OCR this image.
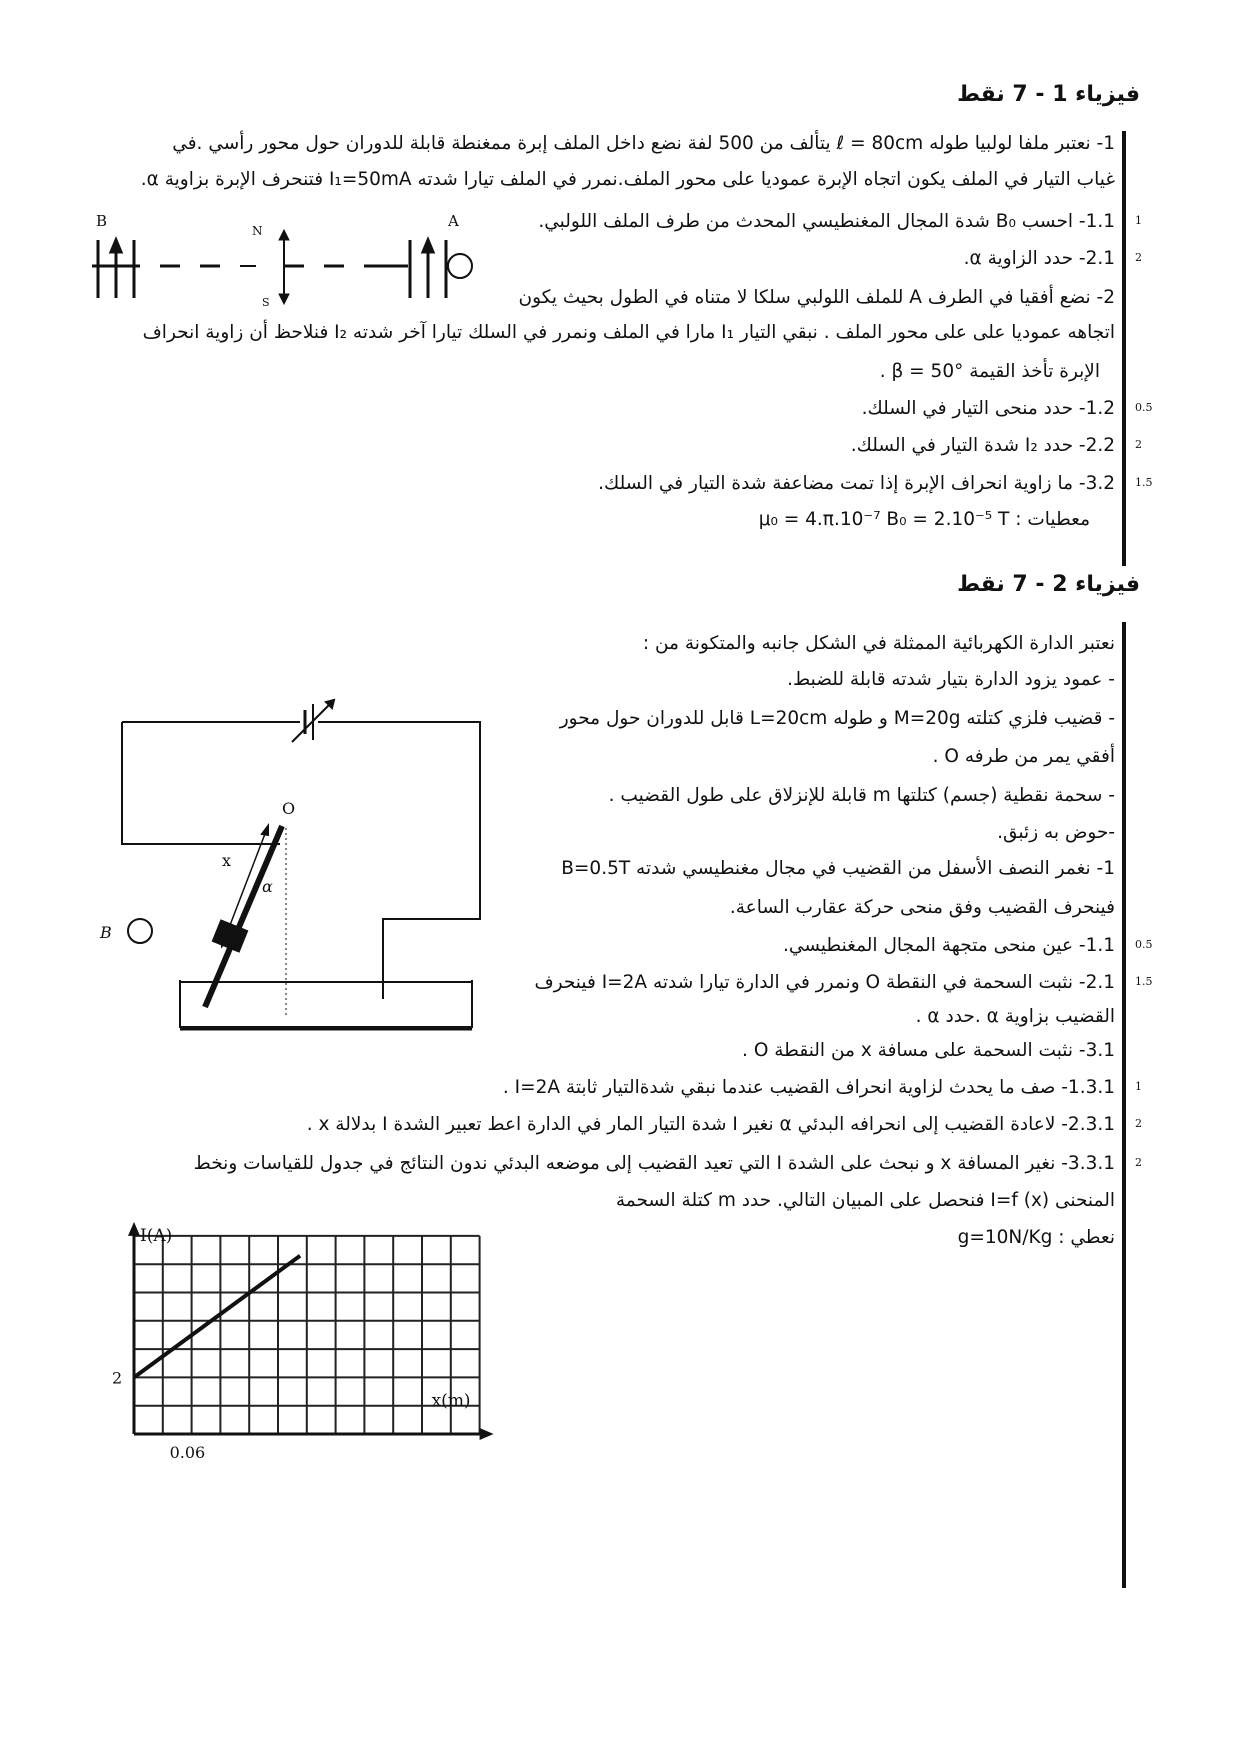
فيزياء 1 - 7 نقط
1- نعتبر ملفا لولبيا طوله ℓ = 80cm يتألف من 500 لفة نضع داخل الملف إبرة ممغنطة قابلة للدوران حول محور رأسي .في
غياب التيار في الملف يكون اتجاه الإبرة عموديا على محور الملف.نمرر في الملف تيارا شدته I₁=50mA فتنحرف الإبرة بزاوية α.
1.1- احسب B₀ شدة المجال المغنطيسي المحدث من طرف الملف اللولبي.
2.1- حدد الزاوية α.
2- نضع أفقيا في الطرف A للملف اللولبي سلكا لا متناه في الطول بحيث يكون
اتجاهه عموديا على على محور الملف . نبقي التيار I₁ مارا في الملف ونمرر في السلك تيارا آخر شدته I₂ فنلاحظ أن زاوية انحراف
الإبرة تأخذ القيمة β = 50° .
1.2- حدد منحى التيار في السلك.
2.2- حدد I₂ شدة التيار في السلك.
3.2- ما زاوية انحراف الإبرة إذا تمت مضاعفة شدة التيار في السلك.
معطيات : μ₀ = 4.π.10⁻⁷ B₀ = 2.10⁻⁵ T
1
2
0.5
2
1.5
فيزياء 2 - 7 نقط
نعتبر الدارة الكهربائية الممثلة في الشكل جانبه والمتكونة من :
- عمود يزود الدارة بتيار شدته قابلة للضبط.
- قضيب فلزي كتلته M=20g و طوله L=20cm قابل للدوران حول محور
أفقي يمر من طرفه O .
- سحمة نقطية (جسم) كتلتها m قابلة للإنزلاق على طول القضيب .
-حوض به زئبق.
1- نغمر النصف الأسفل من القضيب في مجال مغنطيسي شدته B=0.5T
فينحرف القضيب وفق منحى حركة عقارب الساعة.
1.1- عين منحى متجهة المجال المغنطيسي.
2.1- نثبت السحمة في النقطة O ونمرر في الدارة تيارا شدته I=2A فينحرف
القضيب بزاوية α .حدد α .
3.1- نثبت السحمة على مسافة x من النقطة O .
1.3.1- صف ما يحدث لزاوية انحراف القضيب عندما نبقي شدةالتيار ثابتة I=2A .
2.3.1- لاعادة القضيب إلى انحرافه البدئي α نغير I شدة التيار المار في الدارة اعط تعبير الشدة I بدلالة x .
3.3.1- نغير المسافة x و نبحث على الشدة I التي تعيد القضيب إلى موضعه البدئي ندون النتائج في جدول للقياسات ونخط
المنحنى I=f (x) فنحصل على المبيان التالي. حدد m كتلة السحمة
نعطي : g=10N/Kg
0.5
1.5
1
2
2
B	A
N
S
O
x
α
B
I(A)
x(m)
2
0.06
